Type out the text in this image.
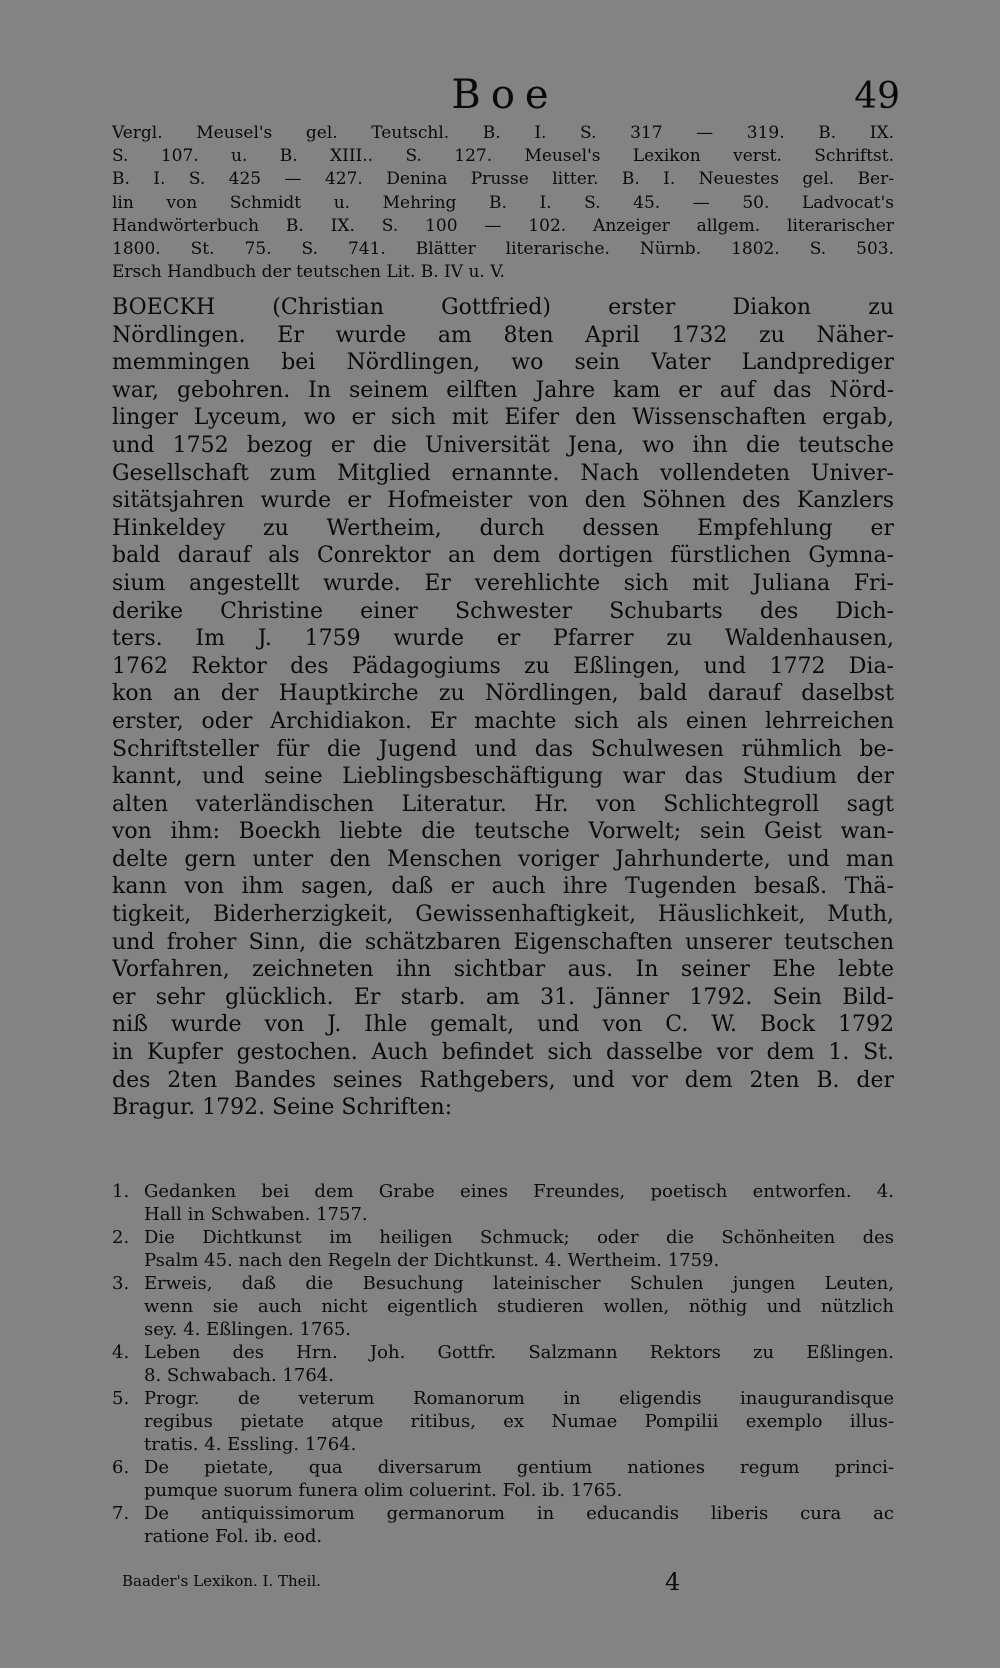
Boe	49
Vergl. Meusel's gel. Teutschl. B. I. S. 317 — 319. B. IX.
S. 107. u. B. XIII.. S. 127. Meusel's Lexikon verst. Schriftst.
B. I. S. 425 — 427. Denina Prusse litter. B. I. Neuestes gel. Ber-
lin von Schmidt u. Mehring B. I. S. 45. — 50. Ladvocat's
Handwörterbuch B. IX. S. 100 — 102. Anzeiger allgem. literarischer
1800. St. 75. S. 741. Blätter literarische. Nürnb. 1802. S. 503.
Ersch Handbuch der teutschen Lit. B. IV u. V.
BOECKH (Christian Gottfried) erster Diakon zu
Nördlingen. Er wurde am 8ten April 1732 zu Näher-
memmingen bei Nördlingen, wo sein Vater Landprediger
war, gebohren. In seinem eilften Jahre kam er auf das Nörd-
linger Lyceum, wo er sich mit Eifer den Wissenschaften ergab,
und 1752 bezog er die Universität Jena, wo ihn die teutsche
Gesellschaft zum Mitglied ernannte. Nach vollendeten Univer-
sitätsjahren wurde er Hofmeister von den Söhnen des Kanzlers
Hinkeldey zu Wertheim, durch dessen Empfehlung er
bald darauf als Conrektor an dem dortigen fürstlichen Gymna-
sium angestellt wurde. Er verehlichte sich mit Juliana Fri-
derike Christine einer Schwester Schubarts des Dich-
ters. Im J. 1759 wurde er Pfarrer zu Waldenhausen,
1762 Rektor des Pädagogiums zu Eßlingen, und 1772 Dia-
kon an der Hauptkirche zu Nördlingen, bald darauf daselbst
erster, oder Archidiakon. Er machte sich als einen lehrreichen
Schriftsteller für die Jugend und das Schulwesen rühmlich be-
kannt, und seine Lieblingsbeschäftigung war das Studium der
alten vaterländischen Literatur. Hr. von Schlichtegroll sagt
von ihm: Boeckh liebte die teutsche Vorwelt; sein Geist wan-
delte gern unter den Menschen voriger Jahrhunderte, und man
kann von ihm sagen, daß er auch ihre Tugenden besaß. Thä-
tigkeit, Biderherzigkeit, Gewissenhaftigkeit, Häuslichkeit, Muth,
und froher Sinn, die schätzbaren Eigenschaften unserer teutschen
Vorfahren, zeichneten ihn sichtbar aus. In seiner Ehe lebte
er sehr glücklich. Er starb. am 31. Jänner 1792. Sein Bild-
niß wurde von J. Ihle gemalt, und von C. W. Bock 1792
in Kupfer gestochen. Auch befindet sich dasselbe vor dem 1. St.
des 2ten Bandes seines Rathgebers, und vor dem 2ten B. der
Bragur. 1792. Seine Schriften:
1. Gedanken bei dem Grabe eines Freundes, poetisch entworfen. 4.
Hall in Schwaben. 1757.
2. Die Dichtkunst im heiligen Schmuck; oder die Schönheiten des
Psalm 45. nach den Regeln der Dichtkunst. 4. Wertheim. 1759.
3. Erweis, daß die Besuchung lateinischer Schulen jungen Leuten,
wenn sie auch nicht eigentlich studieren wollen, nöthig und nützlich
sey. 4. Eßlingen. 1765.
4. Leben des Hrn. Joh. Gottfr. Salzmann Rektors zu Eßlingen.
8. Schwabach. 1764.
5. Progr. de veterum Romanorum in eligendis inaugurandisque
regibus pietate atque ritibus, ex Numae Pompilii exemplo illus-
tratis. 4. Essling. 1764.
6. De pietate, qua diversarum gentium nationes regum princi-
pumque suorum funera olim coluerint. Fol. ib. 1765.
7. De antiquissimorum germanorum in educandis liberis cura ac
ratione Fol. ib. eod.
Baader's Lexikon. I. Theil.	4
